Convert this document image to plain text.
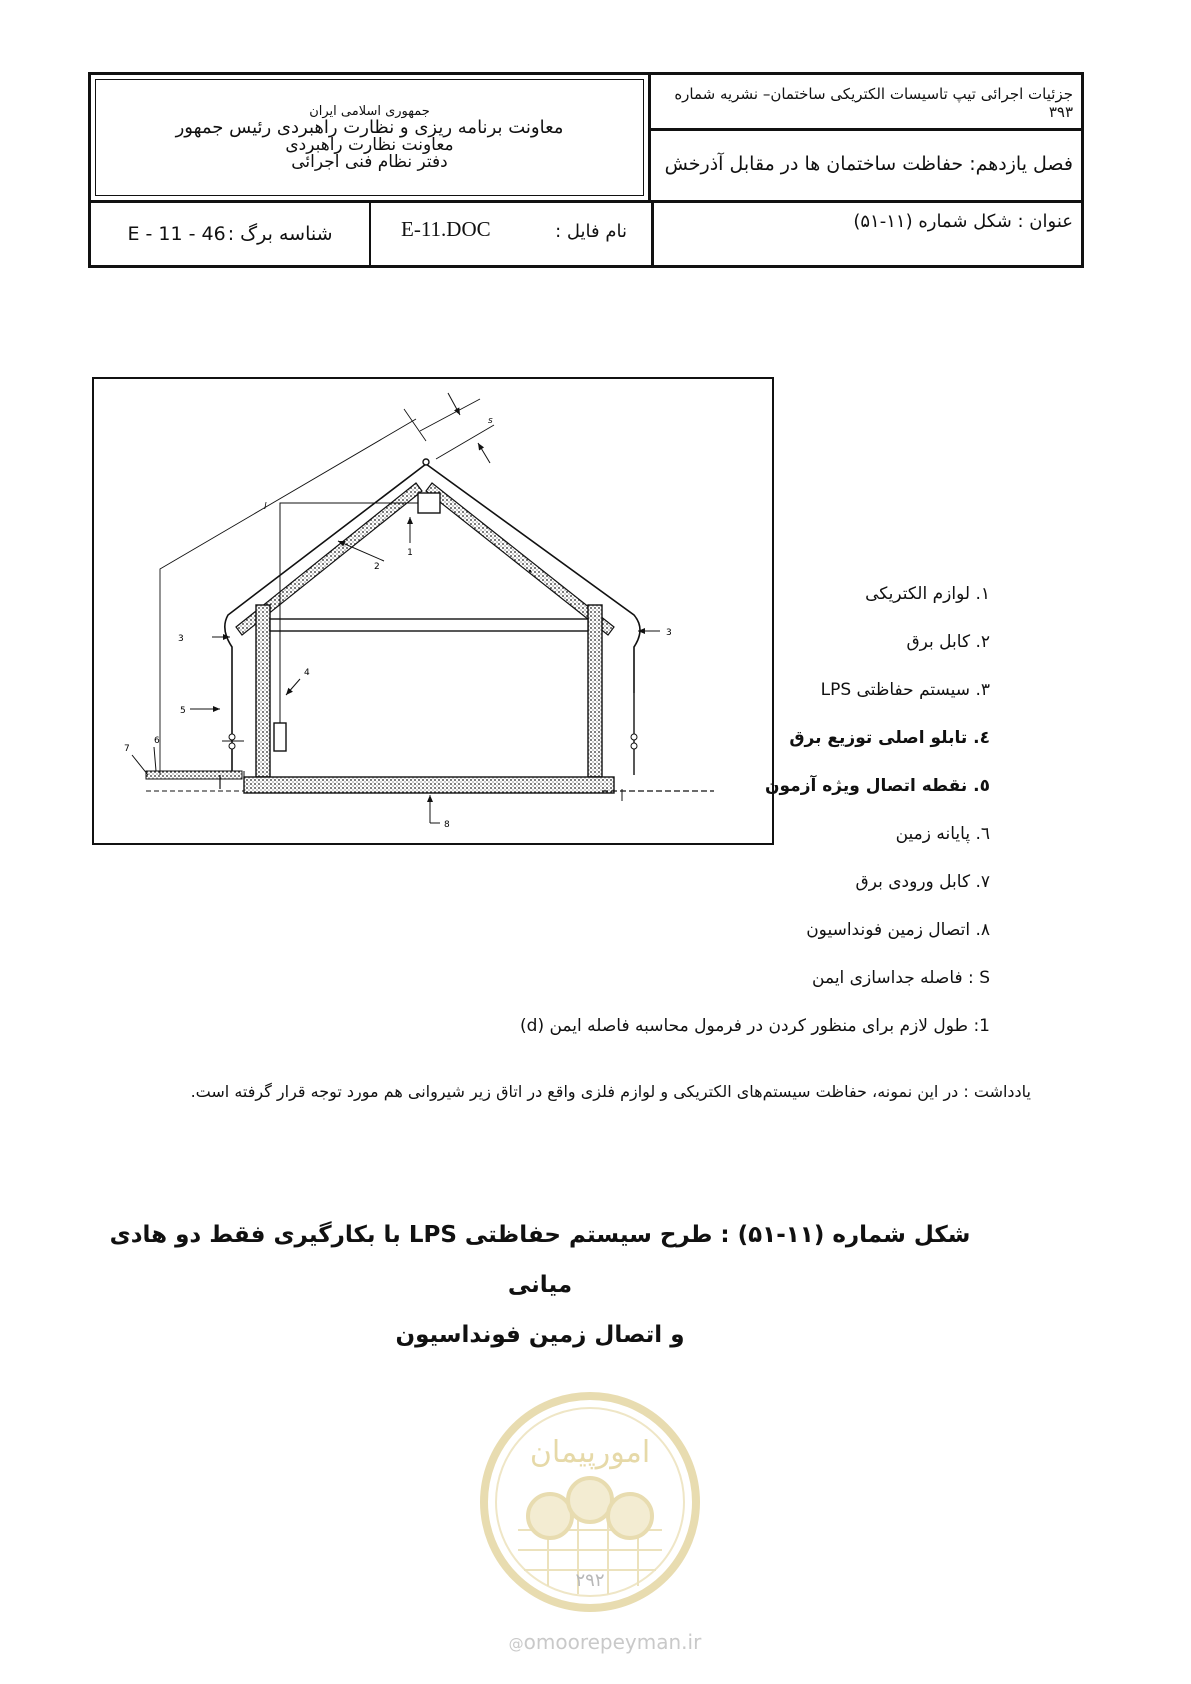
جمهوری اسلامی ایران
معاونت برنامه ریزی و نظارت راهبردی رئیس جمهور
معاونت نظارت راهبردی
دفتر نظام فنی اجرائی
جزئیات اجرائی تیپ تاسیسات الکتریکی ساختمان– نشریه شماره ۳۹۳
فصل یازدهم: حفاظت ساختمان ها در مقابل آذرخش
عنوان : شکل شماره (۱۱-۵۱)
نام فایل :
E-11.DOC
شناسه برگ :
E - 11 - 46
1
2
3
3
4
5
6
7
8
l
s
۱. لوازم الکتریکی
۲. کابل برق
۳. سیستم حفاظتی LPS
٤. تابلو اصلی توزیع برق
٥. نقطه اتصال ویژه آزمون
٦. پایانه زمین
۷. کابل ورودی برق
۸. اتصال زمین فونداسیون
S : فاصله جداسازی ایمن
1: طول لازم برای منظور کردن در فرمول محاسبه فاصله ایمن (d)
یادداشت : در این نمونه، حفاظت سیستم‌های الکتریکی و لوازم فلزی واقع در اتاق زیر شیروانی هم مورد توجه قرار گرفته است.
شکل شماره (۱۱-۵۱) : طرح سیستم حفاظتی LPS با بکارگیری فقط دو هادی میانی
و اتصال زمین فونداسیون
امورپیمان
۲۹۲
@omoorepeyman.ir
